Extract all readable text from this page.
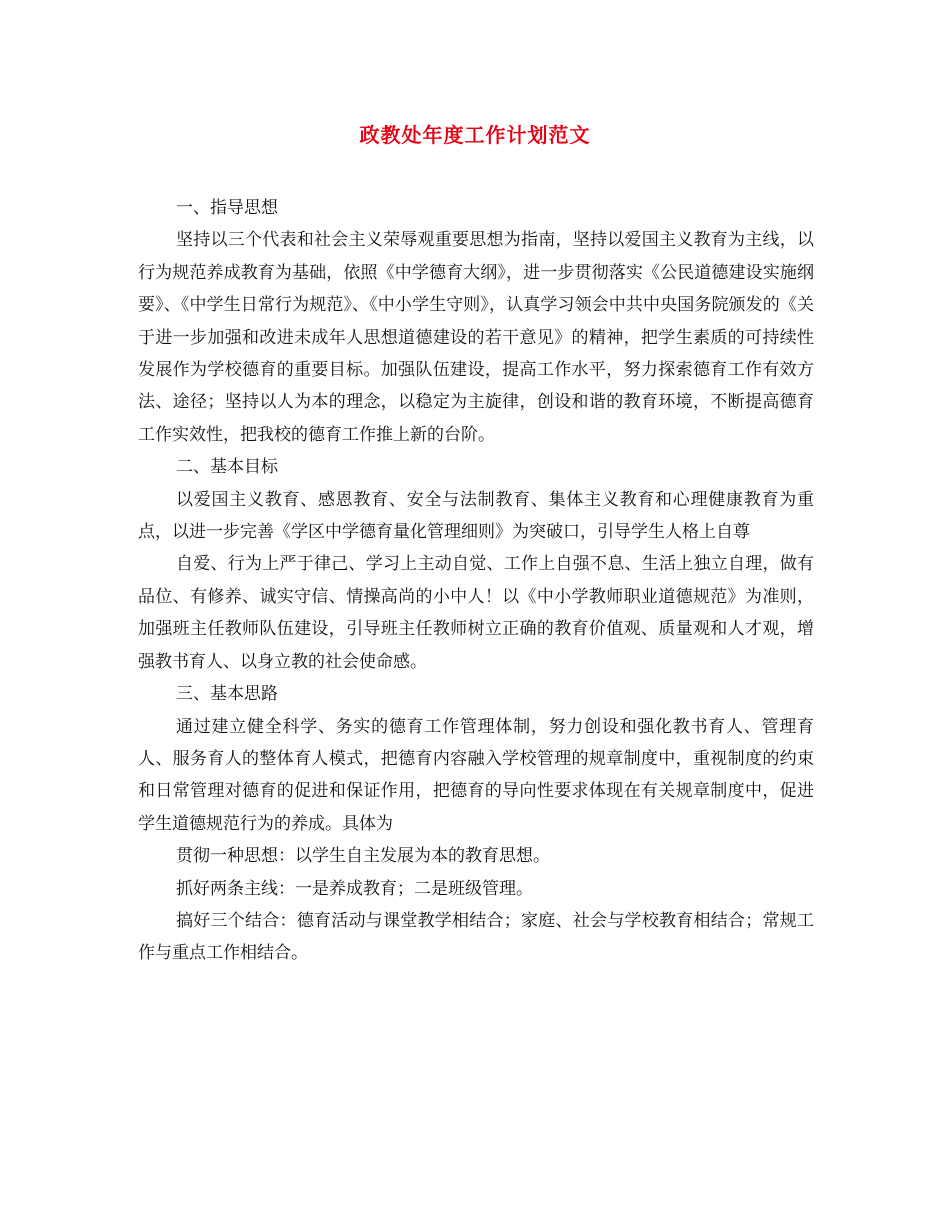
政教处年度工作计划范文

一、指导思想

坚持以三个代表和社会主义荣辱观重要思想为指南，坚持以爱国主义教育为主线，以行为规范养成教育为基础，依照《中学德育大纲》，进一步贯彻落实《公民道德建设实施纲要》、《中学生日常行为规范》、《中小学生守则》，认真学习领会中共中央国务院颁发的《关于进一步加强和改进未成年人思想道德建设的若干意见》的精神，把学生素质的可持续性发展作为学校德育的重要目标。加强队伍建设，提高工作水平，努力探索德育工作有效方法、途径；坚持以人为本的理念，以稳定为主旋律，创设和谐的教育环境，不断提高德育工作实效性，把我校的德育工作推上新的台阶。

二、基本目标

以爱国主义教育、感恩教育、安全与法制教育、集体主义教育和心理健康教育为重点，以进一步完善《学区中学德育量化管理细则》为突破口，引导学生人格上自尊

自爱、行为上严于律己、学习上主动自觉、工作上自强不息、生活上独立自理，做有品位、有修养、诚实守信、情操高尚的小中人！以《中小学教师职业道德规范》为准则，加强班主任教师队伍建设，引导班主任教师树立正确的教育价值观、质量观和人才观，增强教书育人、以身立教的社会使命感。

三、基本思路

通过建立健全科学、务实的德育工作管理体制，努力创设和强化教书育人、管理育人、服务育人的整体育人模式，把德育内容融入学校管理的规章制度中，重视制度的约束和日常管理对德育的促进和保证作用，把德育的导向性要求体现在有关规章制度中，促进学生道德规范行为的养成。具体为

贯彻一种思想：以学生自主发展为本的教育思想。

抓好两条主线：一是养成教育；二是班级管理。

搞好三个结合：德育活动与课堂教学相结合；家庭、社会与学校教育相结合；常规工作与重点工作相结合。
